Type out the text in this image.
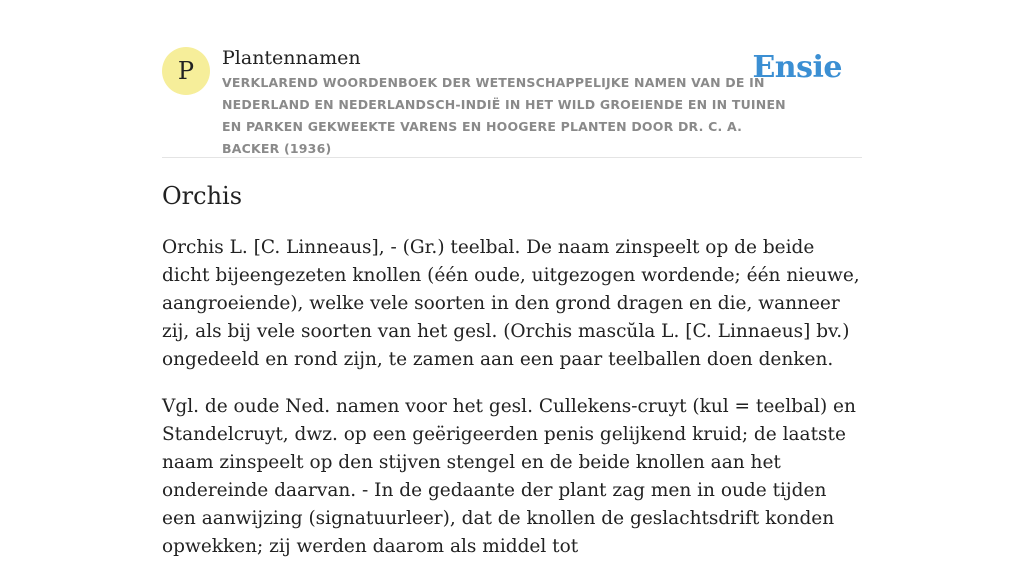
P Plantennamen
VERKLAREND WOORDENBOEK DER WETENSCHAPPELIJKE NAMEN VAN DE IN NEDERLAND EN NEDERLANDSCH-INDIË IN HET WILD GROEIENDE EN IN TUINEN EN PARKEN GEKWEEKTE VARENS EN HOOGERE PLANTEN DOOR DR. C. A. BACKER (1936)
Ensie
Orchis

Orchis L. [C. Linneaus], - (Gr.) teelbal. De naam zinspeelt op de beide dicht bijeengezeten knollen (één oude, uitgezogen wordende; één nieuwe, aangroeiende), welke vele soorten in den grond dragen en die, wanneer zij, als bij vele soorten van het gesl. (Orchis mascŭla L. [C. Linnaeus] bv.) ongedeeld en rond zijn, te zamen aan een paar teelballen doen denken.

Vgl. de oude Ned. namen voor het gesl. Cullekens-cruyt (kul = teelbal) en Standelcruyt, dwz. op een geërigeerden penis gelijkend kruid; de laatste naam zinspeelt op den stijven stengel en de beide knollen aan het ondereinde daarvan. - In de gedaante der plant zag men in oude tijden een aanwijzing (signatuurleer), dat de knollen de geslachtsdrift konden opwekken; zij werden daarom als middel tot
